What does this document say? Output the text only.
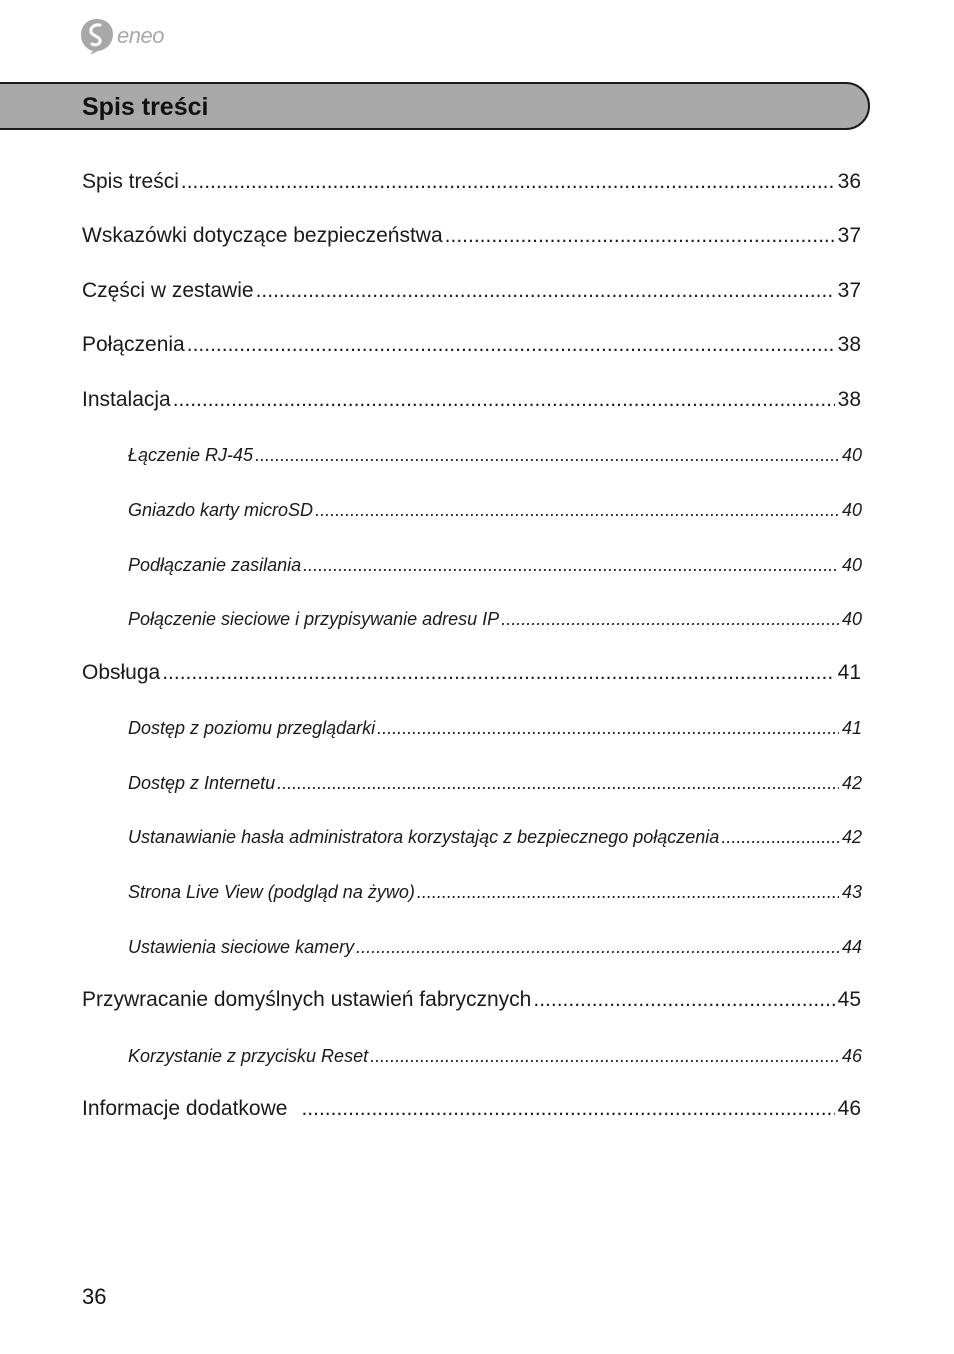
eneo
Spis treści
Spis treści .....	36
Wskazówki dotyczące bezpieczeństwa .....	37
Części w zestawie .....	37
Połączenia .....	38
Instalacja .....	38
Łączenie RJ-45 .....	40
Gniazdo karty microSD .....	40
Podłączanie zasilania .....	40
Połączenie sieciowe i przypisywanie adresu IP .....	40
Obsługa .....	41
Dostęp z poziomu przeglądarki .....	41
Dostęp z Internetu .....	42
Ustanawianie hasła administratora korzystając z bezpiecznego połączenia .....	42
Strona Live View (podgląd na żywo) .....	43
Ustawienia sieciowe kamery .....	44
Przywracanie domyślnych ustawień fabrycznych .....	45
Korzystanie z przycisku Reset .....	46
Informacje dodatkowe .....	46
36
